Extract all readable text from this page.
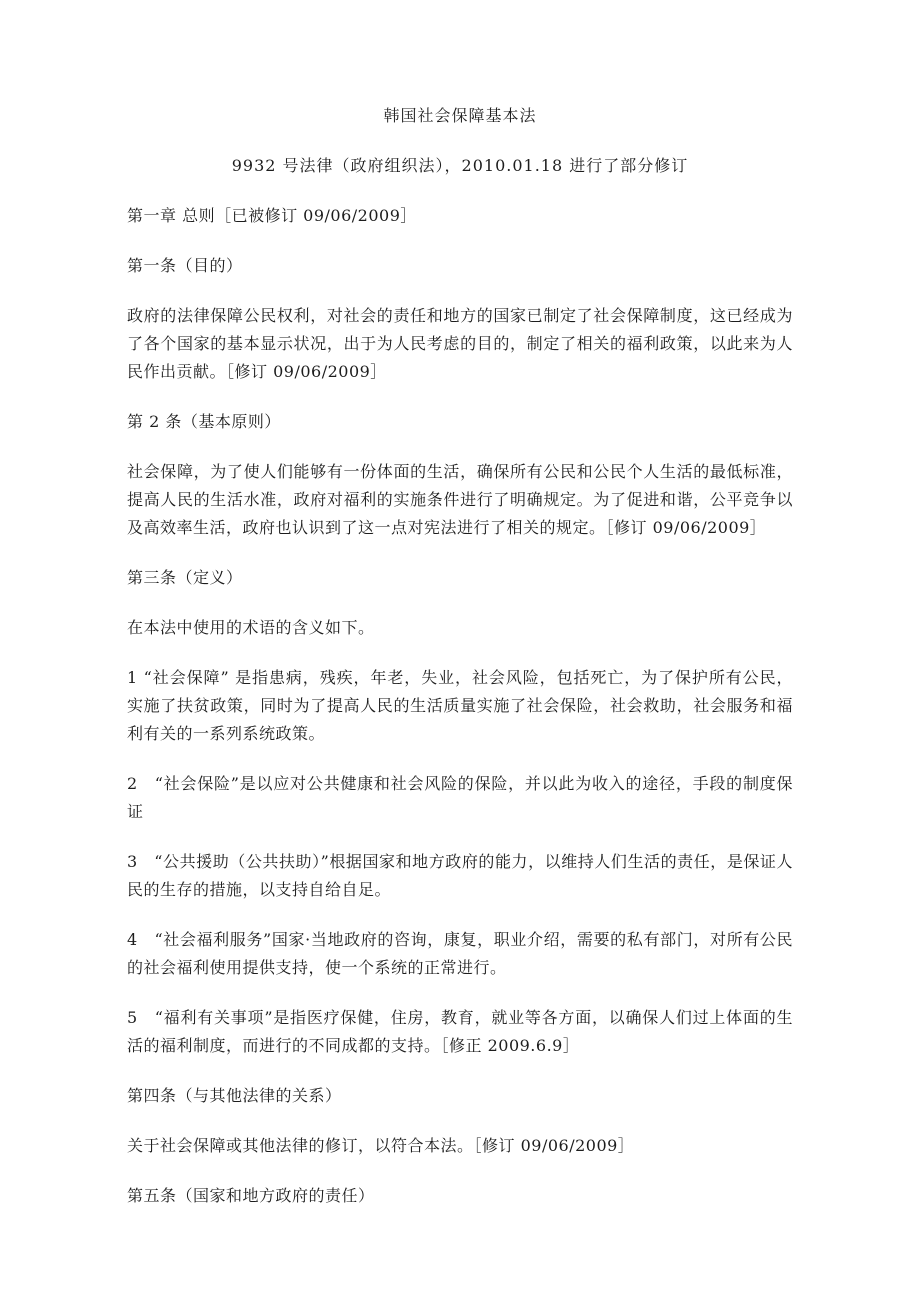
韩国社会保障基本法

9932 号法律（政府组织法），2010.01.18 进行了部分修订

第一章 总则［已被修订 09/06/2009］

第一条（目的）

政府的法律保障公民权利，对社会的责任和地方的国家已制定了社会保障制度，这已经成为了各个国家的基本显示状况，出于为人民考虑的目的，制定了相关的福利政策，以此来为人民作出贡献。［修订 09/06/2009］

第 2 条（基本原则）

社会保障，为了使人们能够有一份体面的生活，确保所有公民和公民个人生活的最低标准，提高人民的生活水准，政府对福利的实施条件进行了明确规定。为了促进和谐，公平竞争以及高效率生活，政府也认识到了这一点对宪法进行了相关的规定。［修订 09/06/2009］

第三条（定义）

在本法中使用的术语的含义如下。

1 “社会保障” 是指患病，残疾，年老，失业，社会风险，包括死亡，为了保护所有公民，实施了扶贫政策，同时为了提高人民的生活质量实施了社会保险，社会救助，社会服务和福利有关的一系列系统政策。

2　“社会保险”是以应对公共健康和社会风险的保险，并以此为收入的途径，手段的制度保证

3　“公共援助（公共扶助）”根据国家和地方政府的能力，以维持人们生活的责任，是保证人民的生存的措施，以支持自给自足。

4　“社会福利服务”国家·当地政府的咨询，康复，职业介绍，需要的私有部门，对所有公民的社会福利使用提供支持，使一个系统的正常进行。

5　“福利有关事项”是指医疗保健，住房，教育，就业等各方面，以确保人们过上体面的生活的福利制度，而进行的不同成都的支持。［修正 2009.6.9］

第四条（与其他法律的关系）

关于社会保障或其他法律的修订，以符合本法。［修订 09/06/2009］

第五条（国家和地方政府的责任）
